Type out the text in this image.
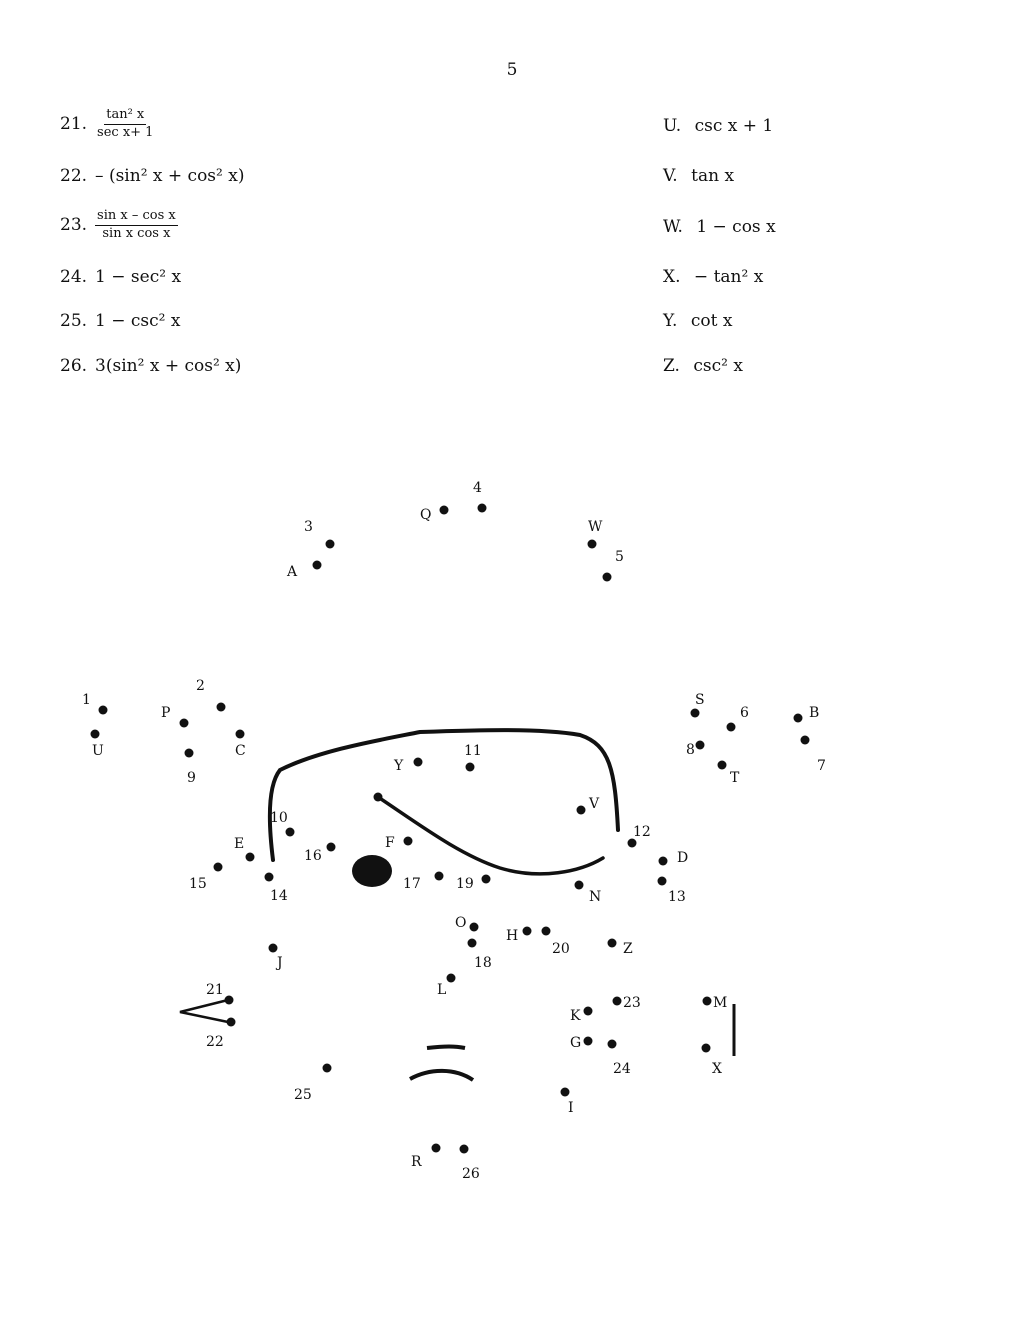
5
21. $\frac{\text{tan² x}}{\text{sec x+ 1}}$
22. – (sin² x + cos² x)
23. $\frac{\text{sin x – cos x}}{\text{sin x cos x}}$
24. 1 − sec² x
25. 1 − csc² x
26. 3(sin² x + cos² x)
U. csc x + 1
V. tan x
W. 1 − cos x
X. − tan² x
Y. cot x
Z. csc² x
1
U
P
2
C
9
3
A
Q
4
W
5
S
6	B
8
T
7
Y
11
V
12
D
13
10
E
15
14
16
F
17	19
N
O
18
H
20	Z
J
L
21
22
K
23	M
G
24	X
25
I
R
26
